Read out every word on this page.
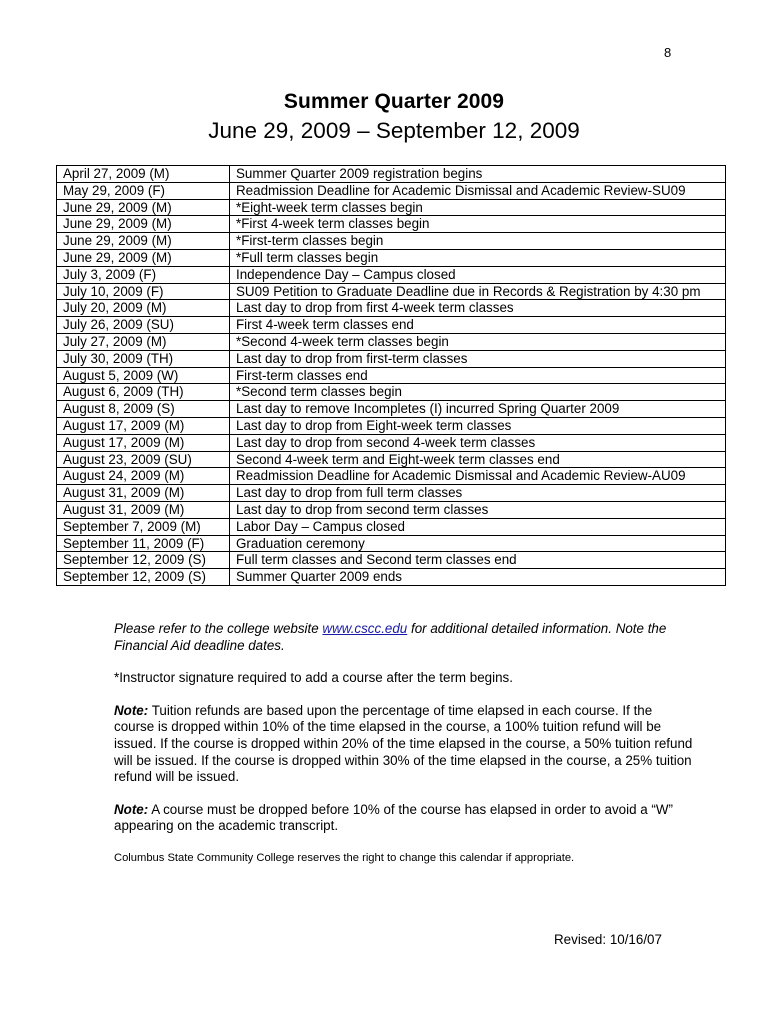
8
Summer Quarter 2009
June 29, 2009 – September 12, 2009
April 27, 2009 (M)	Summer Quarter 2009 registration begins
May 29, 2009 (F)	Readmission Deadline for Academic Dismissal and Academic Review-SU09
June 29, 2009 (M)	*Eight-week term classes begin
June 29, 2009 (M)	*First 4-week term classes begin
June 29, 2009 (M)	*First-term classes begin
June 29, 2009 (M)	*Full term classes begin
July 3, 2009 (F)	Independence Day – Campus closed
July 10, 2009 (F)	SU09 Petition to Graduate Deadline due in Records & Registration by 4:30 pm
July 20, 2009 (M)	Last day to drop from first 4-week term classes
July 26, 2009 (SU)	First 4-week term classes end
July 27, 2009 (M)	*Second 4-week term classes begin
July 30, 2009 (TH)	Last day to drop from first-term classes
August 5, 2009 (W)	First-term classes end
August 6, 2009 (TH)	*Second term classes begin
August 8, 2009 (S)	Last day to remove Incompletes (I) incurred Spring Quarter 2009
August 17, 2009 (M)	Last day to drop from Eight-week term classes
August 17, 2009 (M)	Last day to drop from second 4-week term classes
August 23, 2009 (SU)	Second 4-week term and Eight-week term classes end
August 24, 2009 (M)	Readmission Deadline for Academic Dismissal and Academic Review-AU09
August 31, 2009 (M)	Last day to drop from full term classes
August 31, 2009 (M)	Last day to drop from second term classes
September 7, 2009 (M)	Labor Day – Campus closed
September 11, 2009 (F)	Graduation ceremony
September 12, 2009 (S)	Full term classes and Second term classes end
September 12, 2009 (S)	Summer Quarter 2009 ends

Please refer to the college website www.cscc.edu for additional detailed information. Note the Financial Aid deadline dates.

*Instructor signature required to add a course after the term begins.

Note: Tuition refunds are based upon the percentage of time elapsed in each course. If the course is dropped within 10% of the time elapsed in the course, a 100% tuition refund will be issued. If the course is dropped within 20% of the time elapsed in the course, a 50% tuition refund will be issued. If the course is dropped within 30% of the time elapsed in the course, a 25% tuition refund will be issued.

Note: A course must be dropped before 10% of the course has elapsed in order to avoid a “W” appearing on the academic transcript.

Columbus State Community College reserves the right to change this calendar if appropriate.

Revised: 10/16/07
